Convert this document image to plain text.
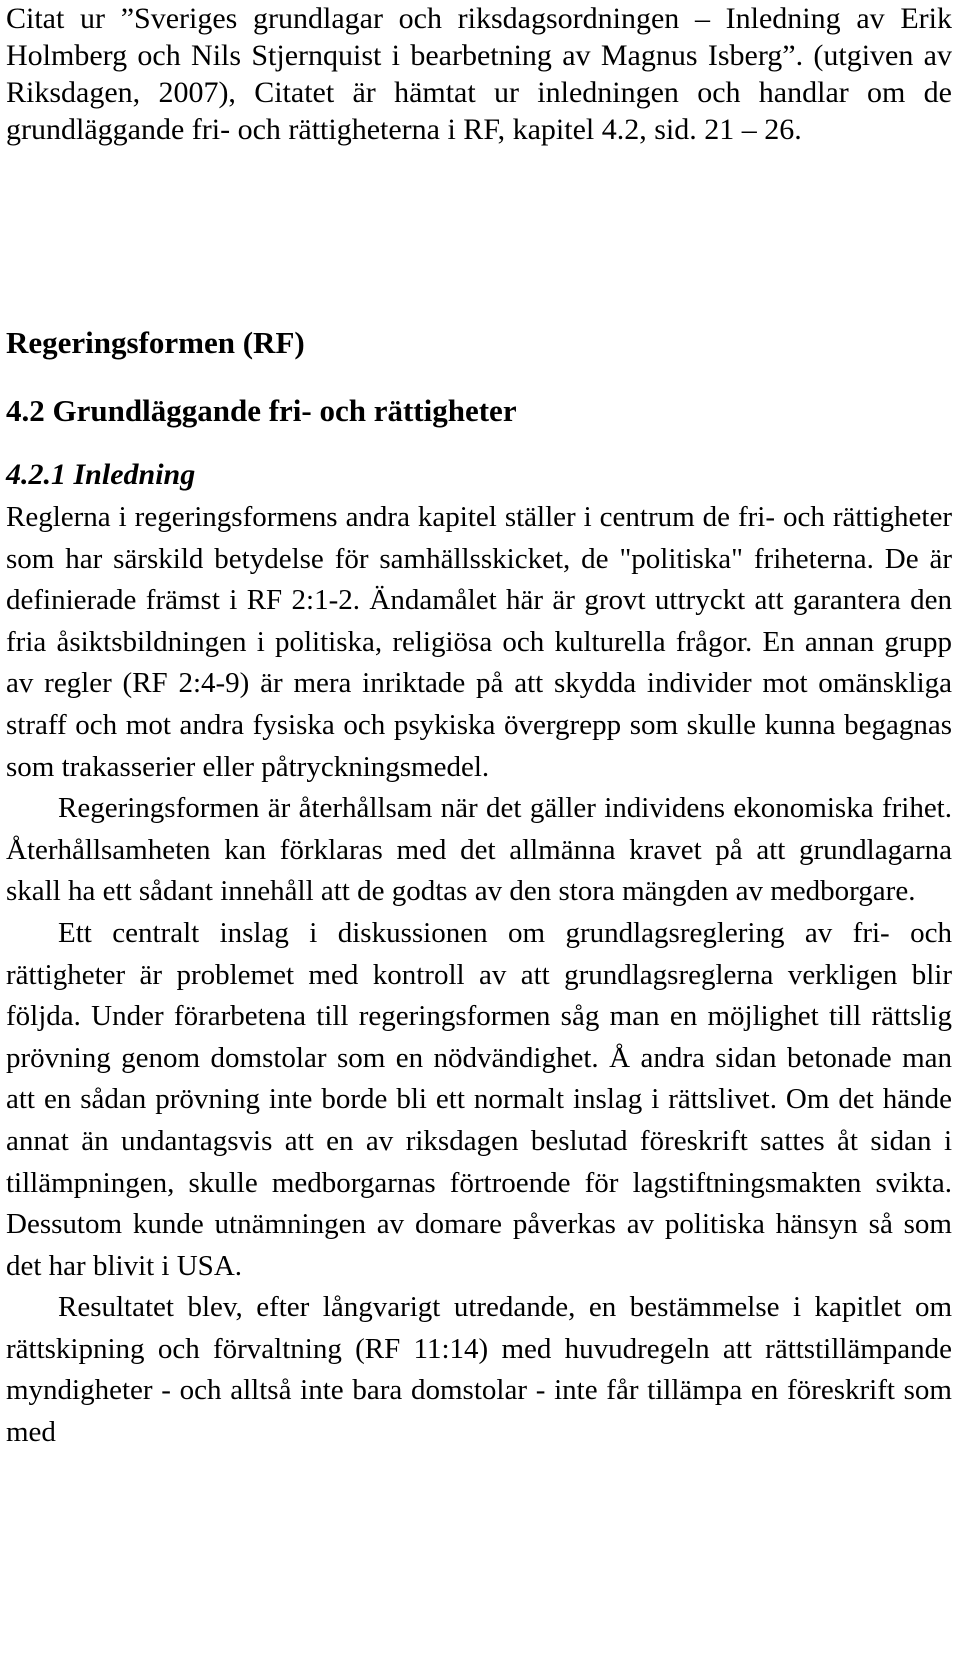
Citat ur ”Sveriges grundlagar och riksdagsordningen – Inledning av Erik Holmberg och Nils Stjernquist i bearbetning av Magnus Isberg”. (utgiven av Riksdagen, 2007), Citatet är hämtat ur inledningen och handlar om de grundläggande fri- och rättigheterna i RF, kapitel 4.2, sid. 21 – 26.

Regeringsformen (RF)
4.2 Grundläggande fri- och rättigheter
4.2.1 Inledning

Reglerna i regeringsformens andra kapitel ställer i centrum de fri- och rättigheter som har särskild betydelse för samhällsskicket, de "politiska" friheterna. De är definierade främst i RF 2:1-2. Ändamålet här är grovt uttryckt att garantera den fria åsiktsbildningen i politiska, religiösa och kulturella frågor. En annan grupp av regler (RF 2:4-9) är mera inriktade på att skydda individer mot omänskliga straff och mot andra fysiska och psykiska övergrepp som skulle kunna begagnas som trakasserier eller påtryckningsmedel.

Regeringsformen är återhållsam när det gäller individens ekonomiska frihet. Återhållsamheten kan förklaras med det allmänna kravet på att grundlagarna skall ha ett sådant innehåll att de godtas av den stora mängden av medborgare.

Ett centralt inslag i diskussionen om grundlagsreglering av fri- och rättigheter är problemet med kontroll av att grundlagsreglerna verkligen blir följda. Under förarbetena till regeringsformen såg man en möjlighet till rättslig prövning genom domstolar som en nödvändighet. Å andra sidan betonade man att en sådan prövning inte borde bli ett normalt inslag i rättslivet. Om det hände annat än undantagsvis att en av riksdagen beslutad föreskrift sattes åt sidan i tillämpningen, skulle medborgarnas förtroende för lagstiftningsmakten svikta. Dessutom kunde utnämningen av domare påverkas av politiska hänsyn så som det har blivit i USA.

Resultatet blev, efter långvarigt utredande, en bestämmelse i kapitlet om rättskipning och förvaltning (RF 11:14) med huvudregeln att rättstillämpande myndigheter - och alltså inte bara domstolar - inte får tillämpa en föreskrift som med
